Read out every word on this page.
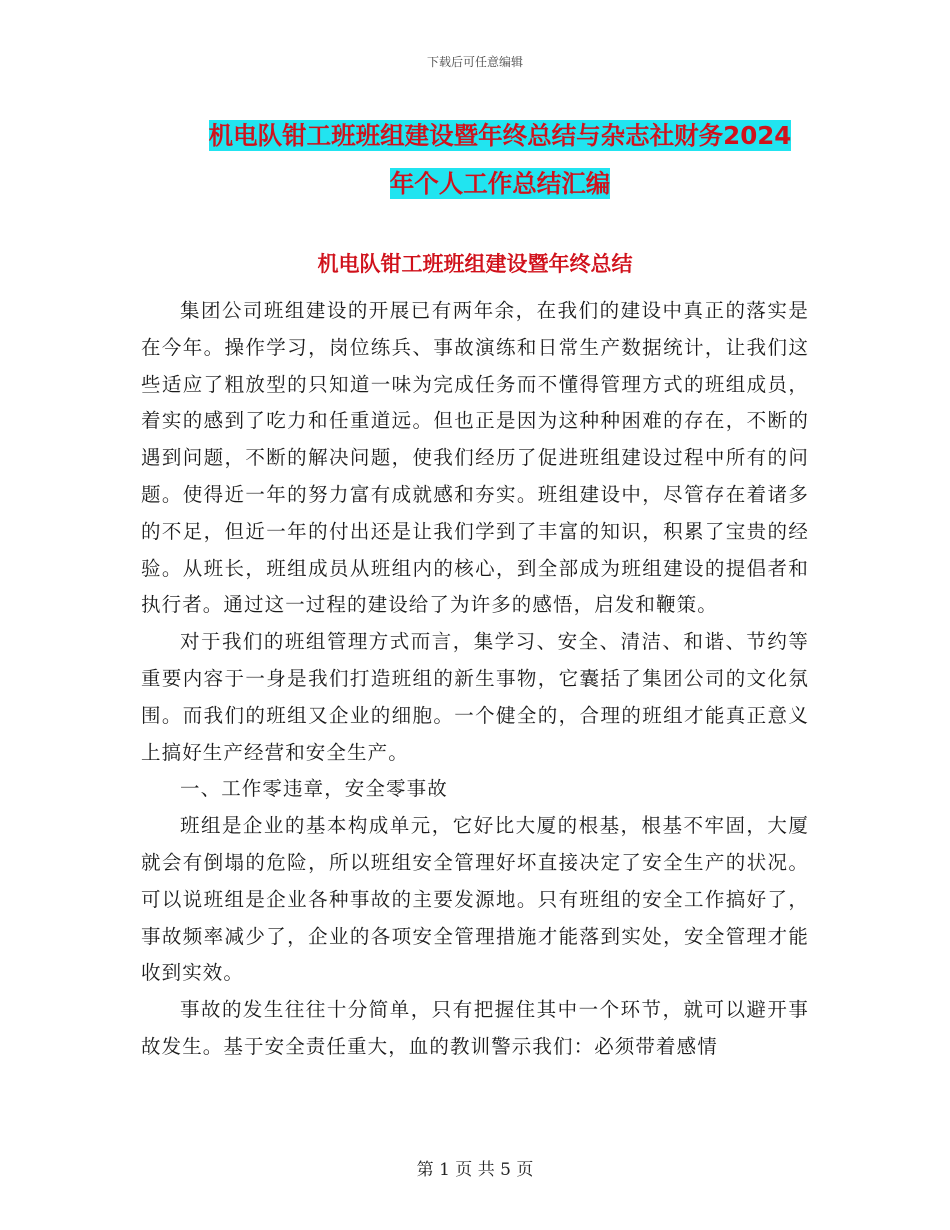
下载后可任意编辑
机电队钳工班班组建设暨年终总结与杂志社财务2024
年个人工作总结汇编
机电队钳工班班组建设暨年终总结

集团公司班组建设的开展已有两年余，在我们的建设中真正的落实是在今年。操作学习，岗位练兵、事故演练和日常生产数据统计，让我们这些适应了粗放型的只知道一味为完成任务而不懂得管理方式的班组成员，着实的感到了吃力和任重道远。但也正是因为这种种困难的存在，不断的遇到问题，不断的解决问题，使我们经历了促进班组建设过程中所有的问题。使得近一年的努力富有成就感和夯实。班组建设中，尽管存在着诸多的不足，但近一年的付出还是让我们学到了丰富的知识，积累了宝贵的经验。从班长，班组成员从班组内的核心，到全部成为班组建设的提倡者和执行者。通过这一过程的建设给了为许多的感悟，启发和鞭策。

对于我们的班组管理方式而言，集学习、安全、清洁、和谐、节约等重要内容于一身是我们打造班组的新生事物，它囊括了集团公司的文化氛围。而我们的班组又企业的细胞。一个健全的，合理的班组才能真正意义上搞好生产经营和安全生产。

一、工作零违章，安全零事故

班组是企业的基本构成单元，它好比大厦的根基，根基不牢固，大厦就会有倒塌的危险，所以班组安全管理好坏直接决定了安全生产的状况。可以说班组是企业各种事故的主要发源地。只有班组的安全工作搞好了，事故频率减少了，企业的各项安全管理措施才能落到实处，安全管理才能收到实效。

事故的发生往往十分简单，只有把握住其中一个环节，就可以避开事故发生。基于安全责任重大，血的教训警示我们：必须带着感情

第 1 页 共 5 页
